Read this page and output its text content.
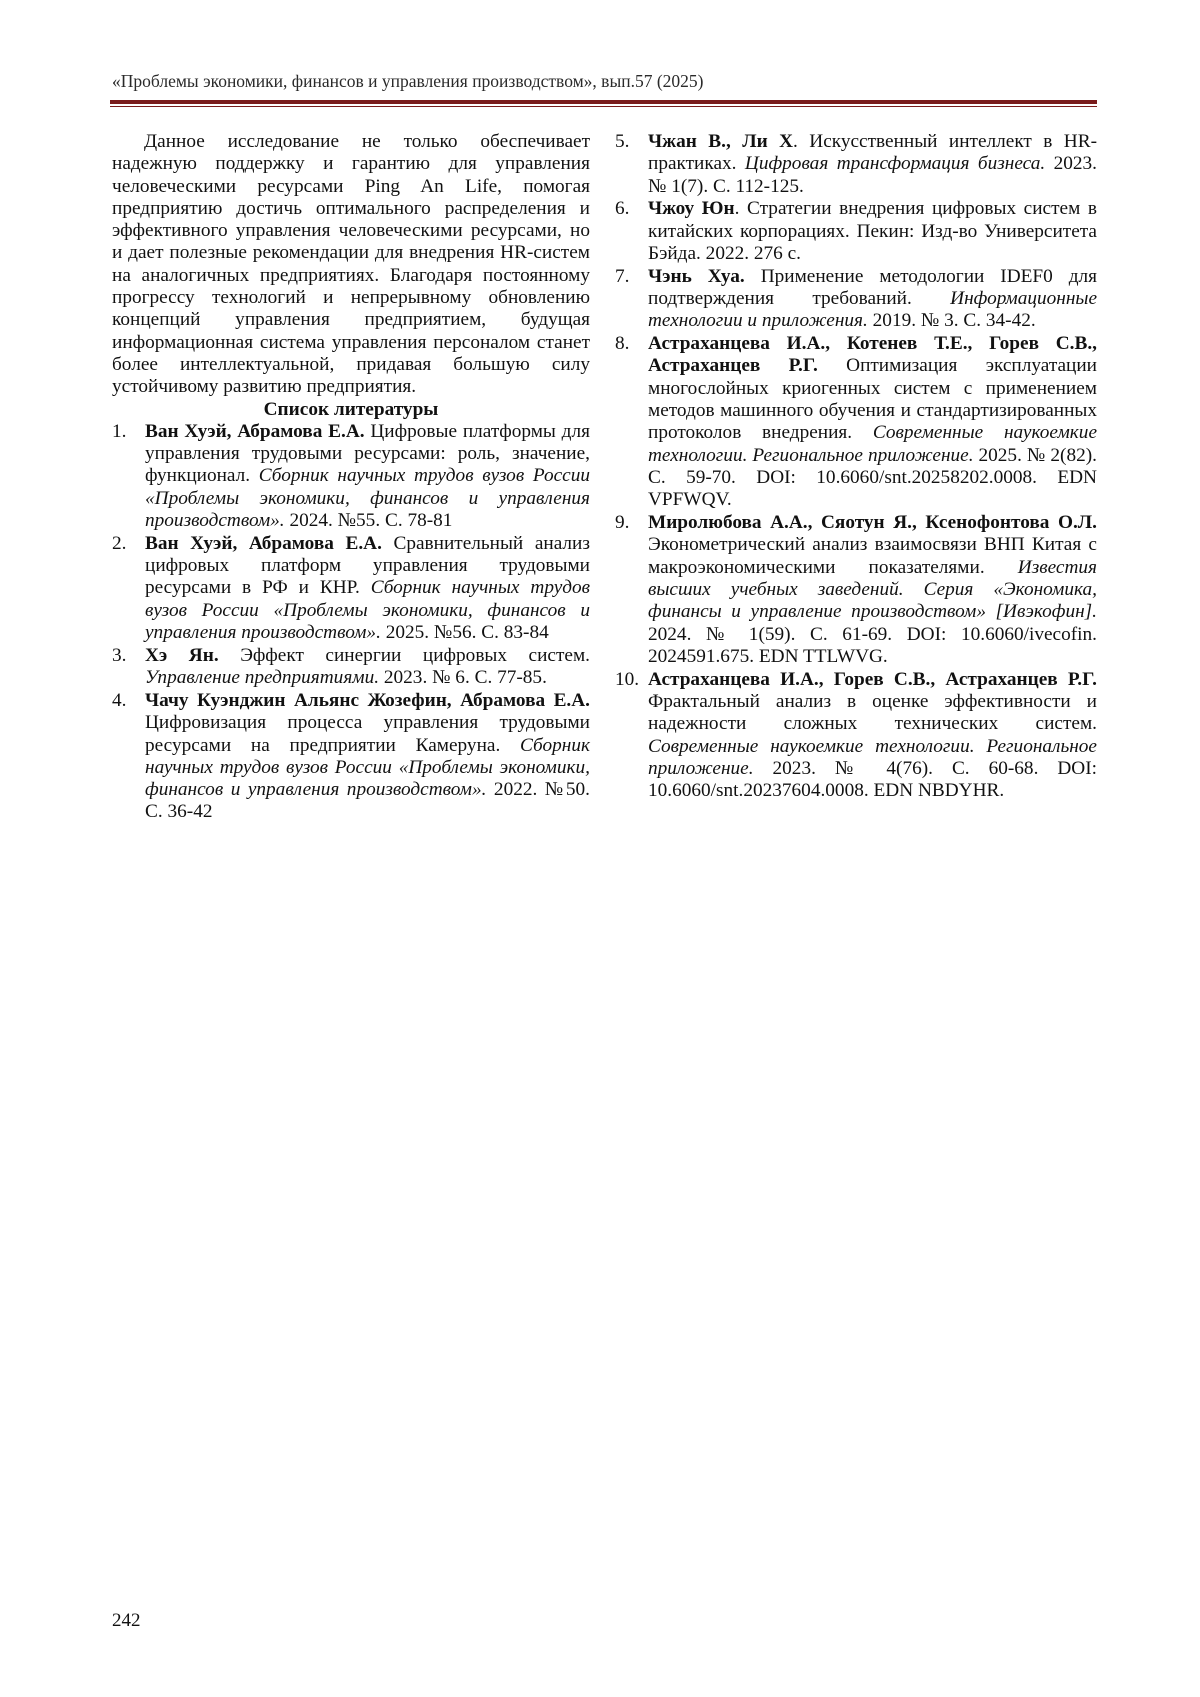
«Проблемы экономики, финансов и управления производством», вып.57 (2025)

Данное исследование не только обеспечивает надежную поддержку и гарантию для управления человеческими ресурсами Ping An Life, помогая предприятию достичь оптимального распределения и эффективного управления человеческими ресурсами, но и дает полезные рекомендации для внедрения HR-систем на аналогичных предприятиях. Благодаря постоянному прогрессу технологий и непрерывному обновлению концепций управления предприятием, будущая информационная система управления персоналом станет более интеллектуальной, придавая большую силу устойчивому развитию предприятия.

Список литературы

1. Ван Хуэй, Абрамова Е.А. Цифровые платформы для управления трудовыми ресурсами: роль, значение, функционал. Сборник научных трудов вузов России «Проблемы экономики, финансов и управления производством». 2024. №55. С. 78-81
2. Ван Хуэй, Абрамова Е.А. Сравнительный анализ цифровых платформ управления трудовыми ресурсами в РФ и КНР. Сборник научных трудов вузов России «Проблемы экономики, финансов и управления производством». 2025. №56. С. 83-84
3. Хэ Ян. Эффект синергии цифровых систем. Управление предприятиями. 2023. № 6. С. 77-85.
4. Чачу Куэнджин Альянс Жозефин, Абрамова Е.А. Цифровизация процесса управления трудовыми ресурсами на предприятии Камеруна. Сборник научных трудов вузов России «Проблемы экономики, финансов и управления производством». 2022. №50. С. 36-42
5. Чжан В., Ли Х. Искусственный интеллект в HR-практиках. Цифровая трансформация бизнеса. 2023. № 1(7). С. 112-125.
6. Чжоу Юн. Стратегии внедрения цифровых систем в китайских корпорациях. Пекин: Изд-во Университета Бэйда. 2022. 276 с.
7. Чэнь Хуа. Применение методологии IDEF0 для подтверждения требований. Информационные технологии и приложения. 2019. № 3. С. 34-42.
8. Астраханцева И.А., Котенев Т.Е., Горев С.В., Астраханцев Р.Г. Оптимизация эксплуатации многослойных криогенных систем с применением методов машинного обучения и стандартизированных протоколов внедрения. Современные наукоемкие технологии. Региональное приложение. 2025. № 2(82). С. 59-70. DOI: 10.6060/snt.20258202.0008. EDN VPFWQV.
9. Миролюбова А.А., Сяотун Я., Ксенофонтова О.Л. Эконометрический анализ взаимосвязи ВНП Китая с макроэкономическими показателями. Известия высших учебных заведений. Серия «Экономика, финансы и управление производством» [Ивэкофин]. 2024. № 1(59). С. 61-69. DOI: 10.6060/ivecofin. 2024591.675. EDN TTLWVG.
10. Астраханцева И.А., Горев С.В., Астраханцев Р.Г. Фрактальный анализ в оценке эффективности и надежности сложных технических систем. Современные наукоемкие технологии. Региональное приложение. 2023. № 4(76). С. 60-68. DOI: 10.6060/snt.20237604.0008. EDN NBDYHR.
242
